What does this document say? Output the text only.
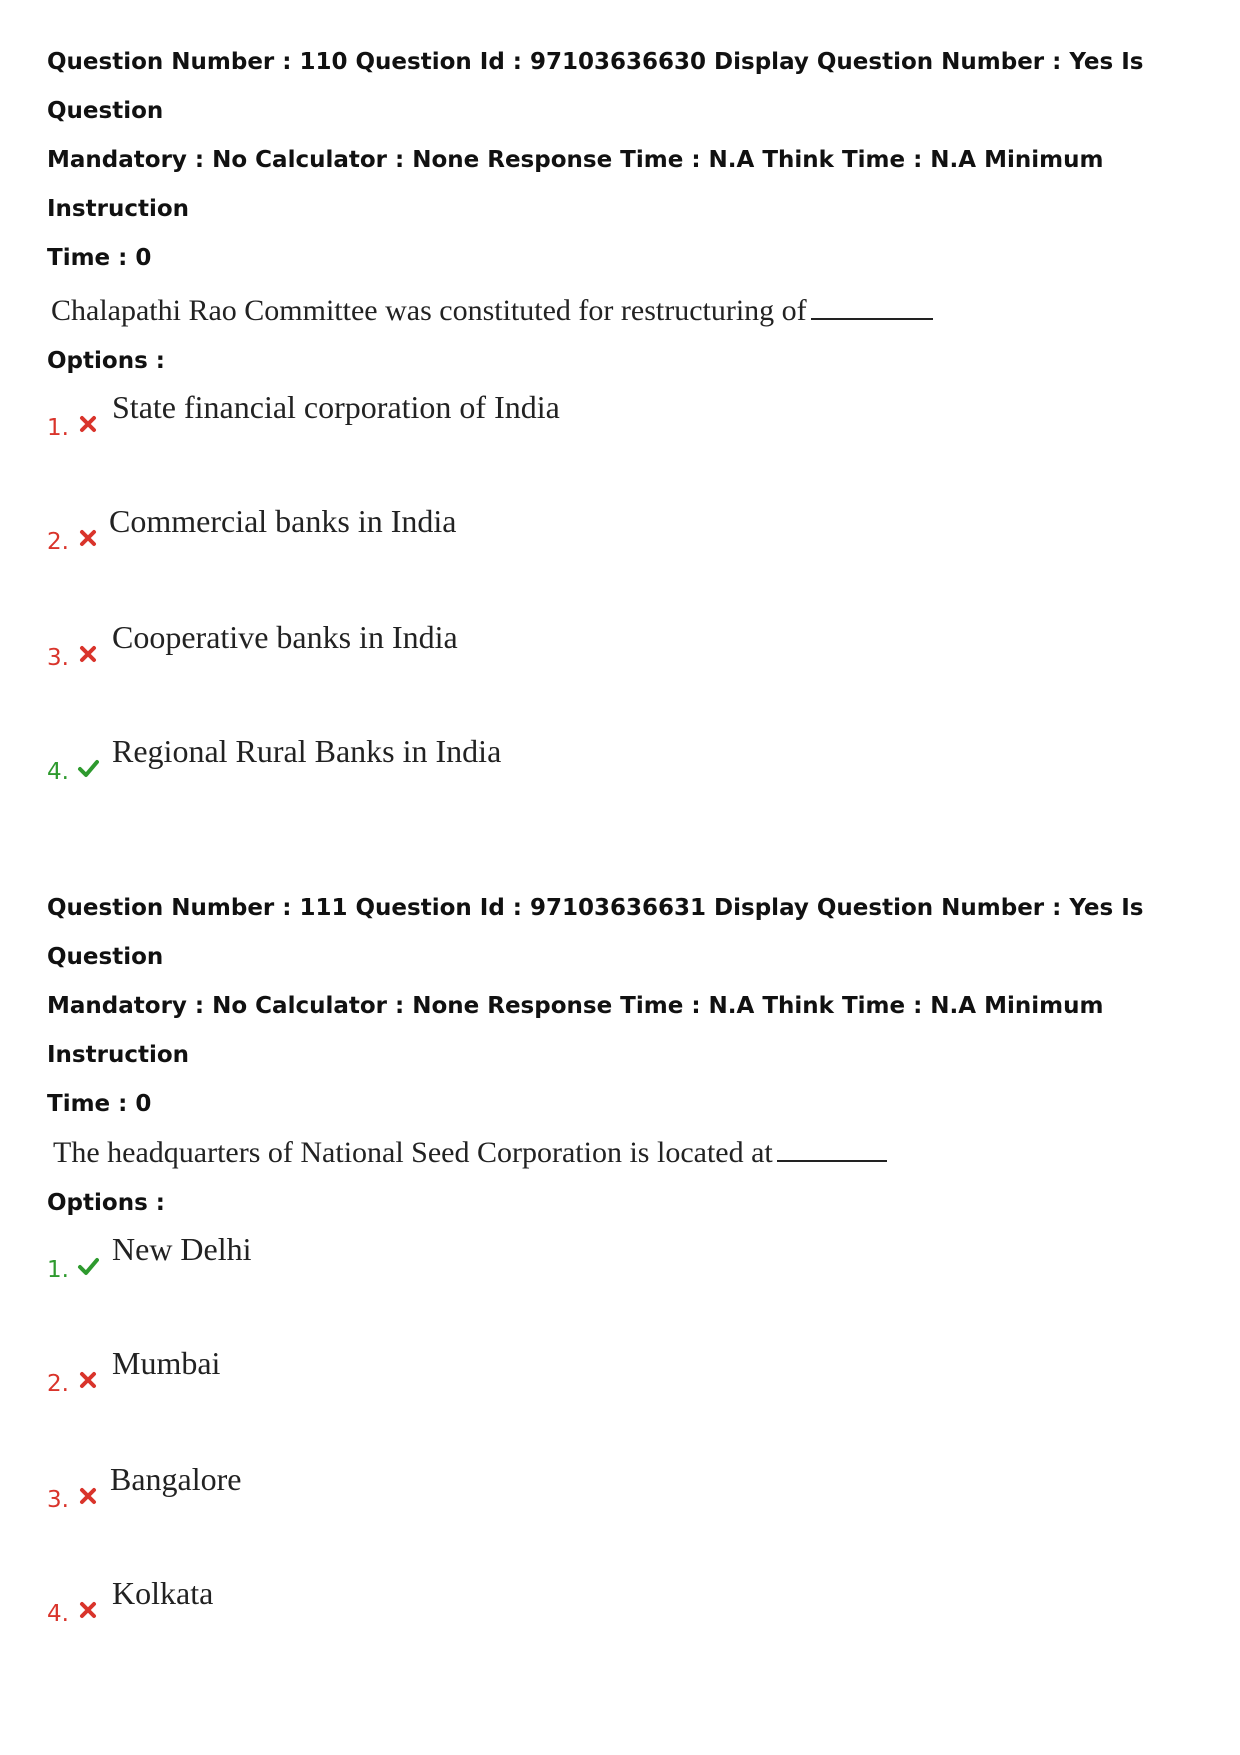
Question Number : 110 Question Id : 97103636630 Display Question Number : Yes Is Question

Mandatory : No Calculator : None Response Time : N.A Think Time : N.A Minimum Instruction

Time : 0

Chalapathi Rao Committee was constituted for restructuring of

Options :

1.
State financial corporation of India
2.
Commercial banks in India
3.
Cooperative banks in India
4.
Regional Rural Banks in India

Question Number : 111 Question Id : 97103636631 Display Question Number : Yes Is Question

Mandatory : No Calculator : None Response Time : N.A Think Time : N.A Minimum Instruction

Time : 0

The headquarters of National Seed Corporation is located at

Options :

1.
New Delhi
2.
Mumbai
3.
Bangalore
4.
Kolkata
